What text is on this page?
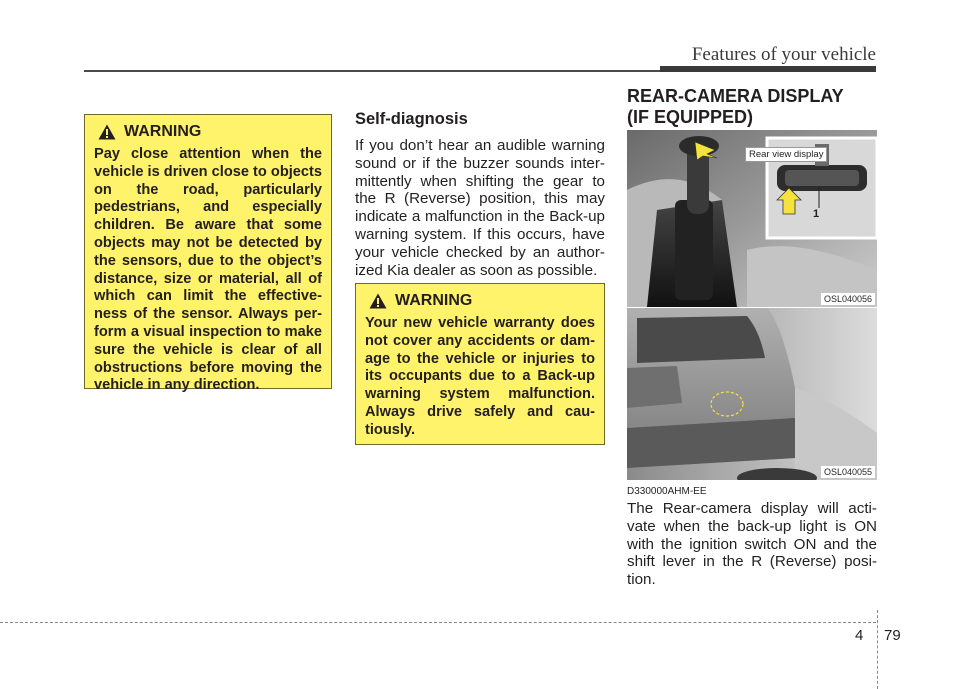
Features of your vehicle
WARNING
Pay close attention when the vehicle is driven close to objects on the road, particularly pedestrians, and especially children. Be aware that some objects may not be detected by the sensors, due to the object’s distance, size or material, all of which can limit the effective-ness of the sensor. Always per-form a visual inspection to make sure the vehicle is clear of all obstructions before moving the vehicle in any direction.
Self-diagnosis
If you don’t hear an audible warning sound or if the buzzer sounds inter-mittently when shifting the gear to the R (Reverse) position, this may indicate a malfunction in the Back-up warning system. If this occurs, have your vehicle checked by an author-ized Kia dealer as soon as possible.
WARNING
Your new vehicle warranty does not cover any accidents or dam-age to the vehicle or injuries to its occupants due to a Back-up warning system malfunction. Always drive safely and cau-tiously.
REAR-CAMERA DISPLAY
(IF EQUIPPED)
Rear view display
1
OSL040056
OSL040055
D330000AHM-EE
The Rear-camera display will acti-vate when the back-up light is ON with the ignition switch ON and the shift lever in the R (Reverse) posi-tion.
4 79
